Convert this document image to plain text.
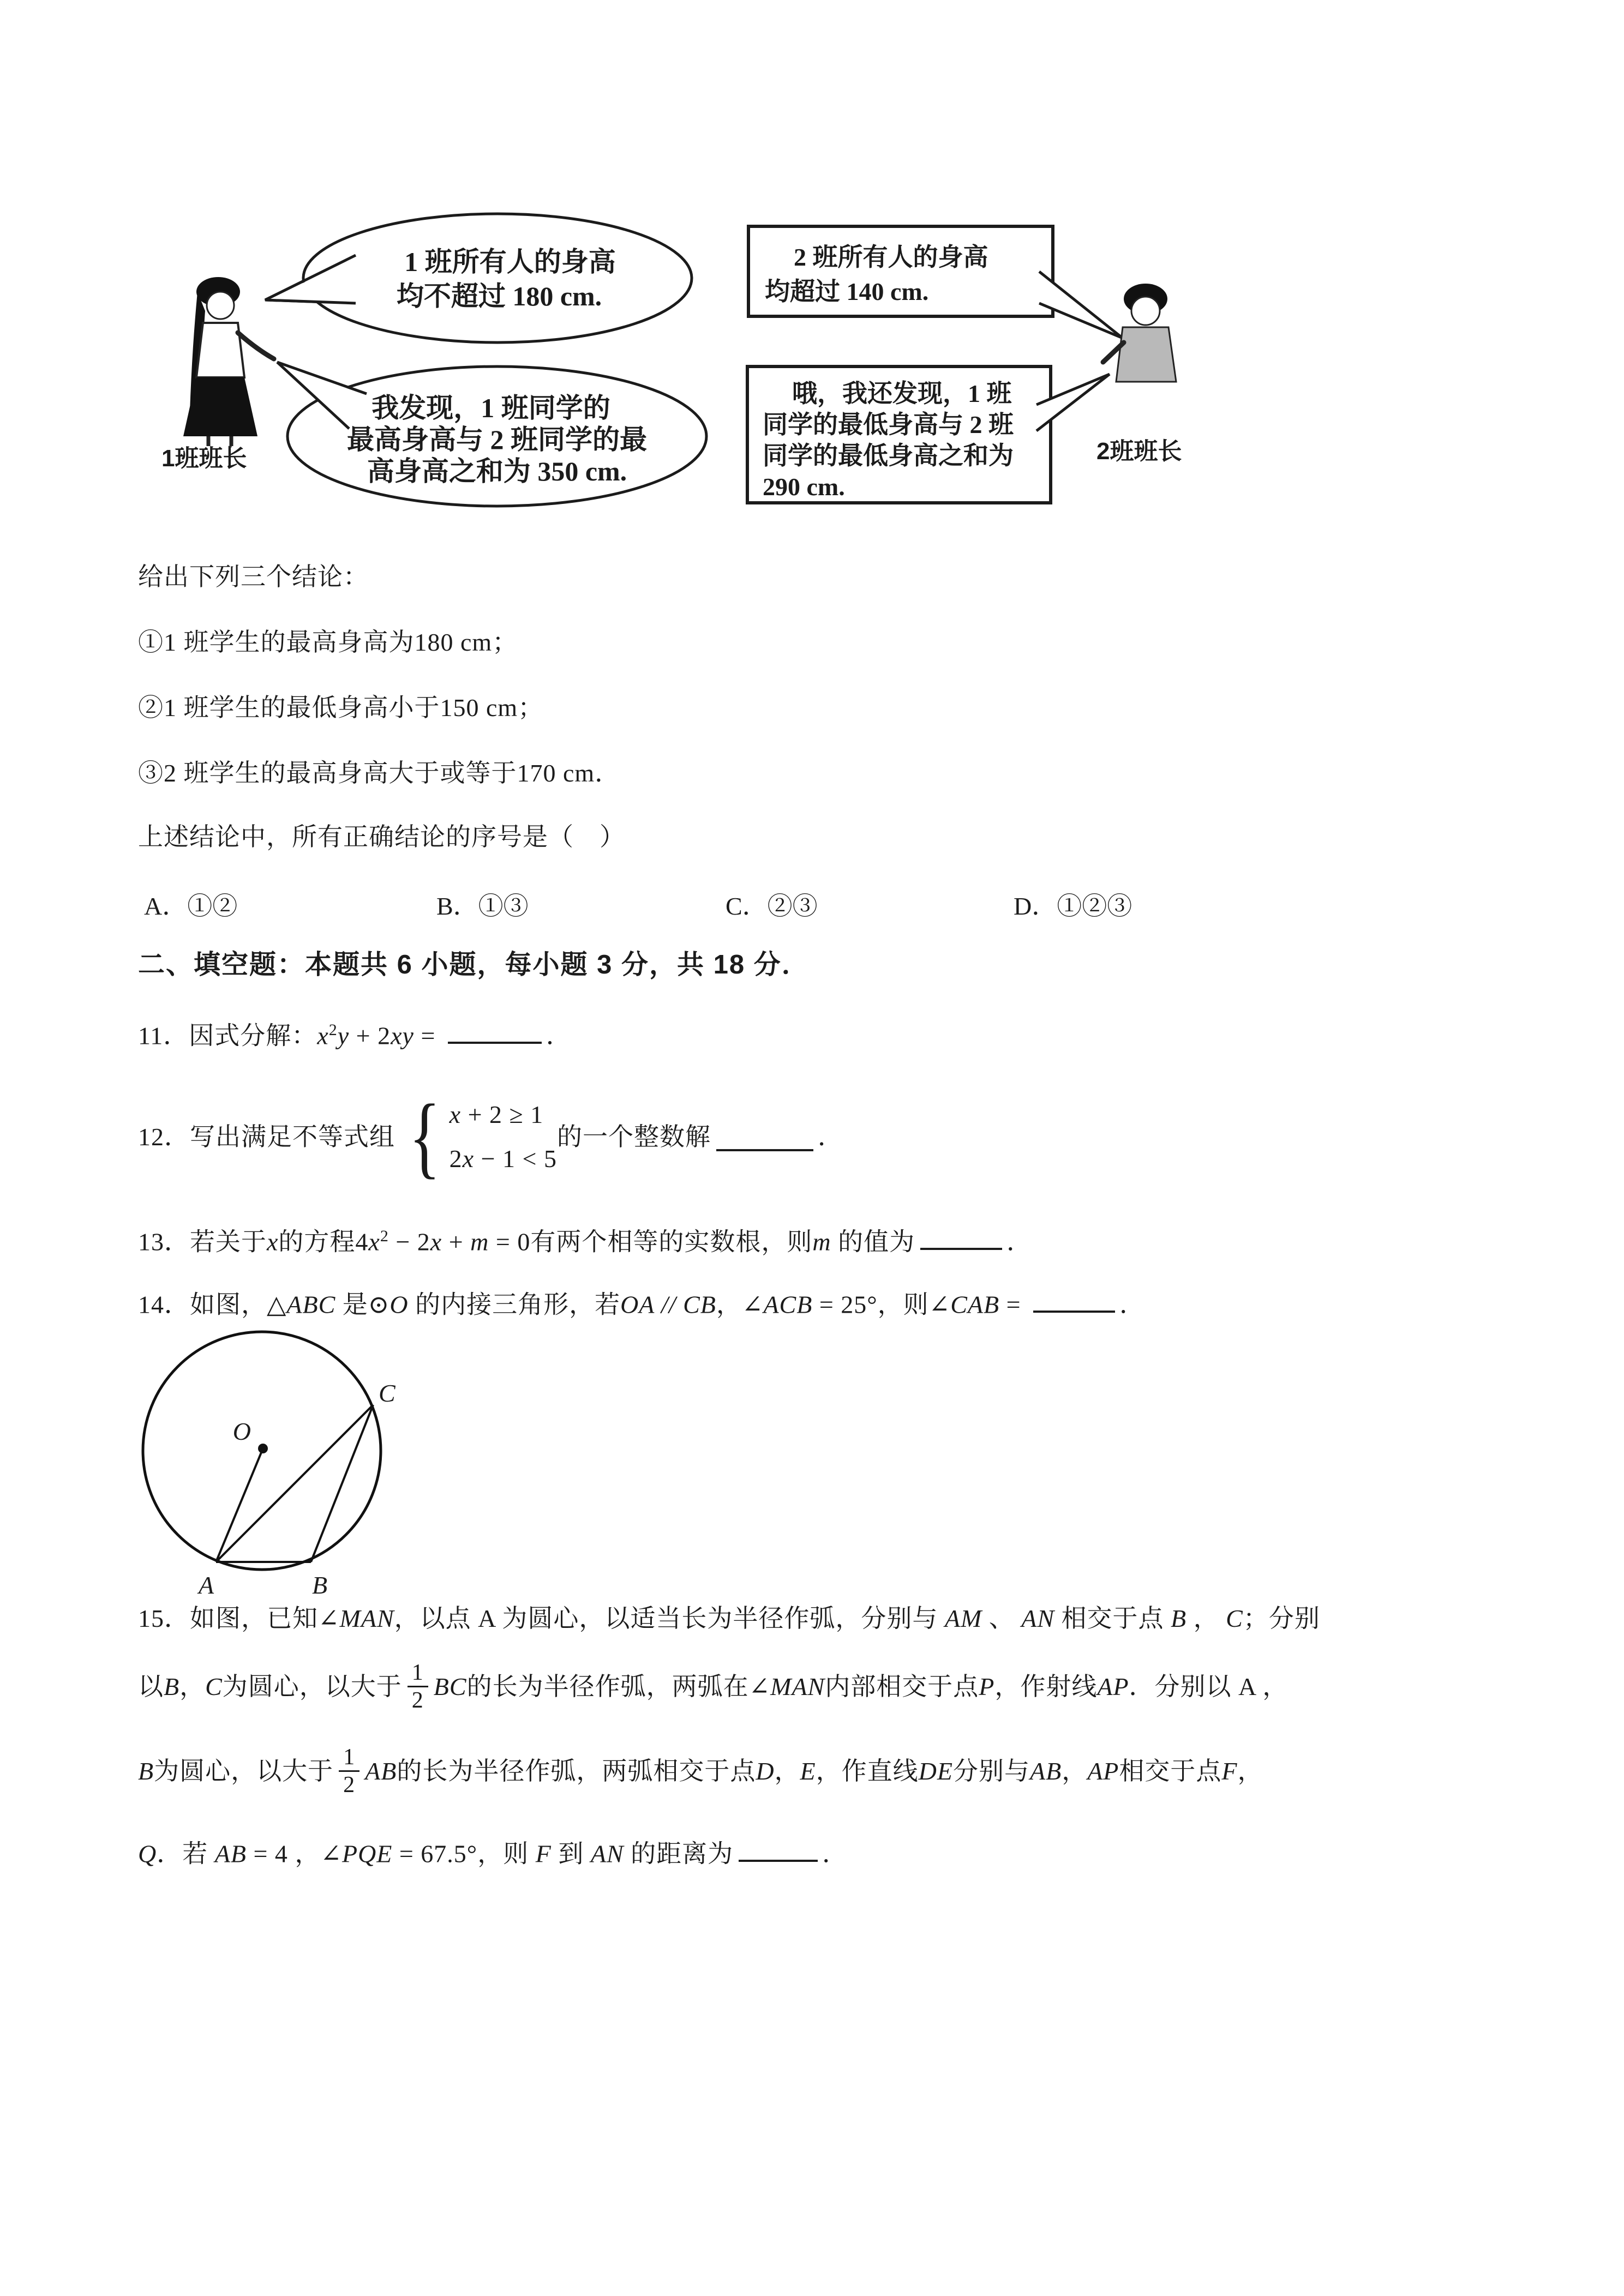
1 班所有人的身高
均不超过 180 cm.
我发现，1 班同学的
最高身高与 2 班同学的最
高身高之和为 350 cm.
2 班所有人的身高
均超过 140 cm.
哦，我还发现，1 班
同学的最低身高与 2 班
同学的最低身高之和为
290 cm.
1班班长	2班班长
给出下列三个结论：
①1 班学生的最高身高为180 cm；
②1 班学生的最低身高小于150 cm；
③2 班学生的最高身高大于或等于170 cm．
上述结论中，所有正确结论的序号是（　）
A．①②	B．①③	C．②③	D．①②③
二、填空题：本题共 6 小题，每小题 3 分，共 18 分．
11．因式分解：$x^2y + 2xy$ =	．
12．写出满足不等式组 { x + 2 ≥ 1
2x − 1 < 5
的一个整数解	．
13．若关于x的方程$4x^2 - 2x + m = 0$有两个相等的实数根，则m 的值为	．
14．如图，△ABC 是⊙O 的内接三角形，若OA // CB，∠ACB = 25°，则∠CAB =	．
O
A	B
C
15．如图，已知∠MAN，以点 A 为圆心，以适当长为半径作弧，分别与 AM 、 AN 相交于点 B ， C；分别
以 B ， C 为圆心，以大于 $\frac{1}{2}$ BC 的长为半径作弧，两弧在∠ MAN 内部相交于点 P ，作射线 AP ．分别以 A ，
B 为圆心，以大于 $\frac{1}{2}$ AB 的长为半径作弧，两弧相交于点 D ， E ，作直线 DE 分别与 AB ， AP 相交于点 F ，
Q．若 AB = 4 ，∠PQE = 67.5°，则 F 到 AN 的距离为	．
